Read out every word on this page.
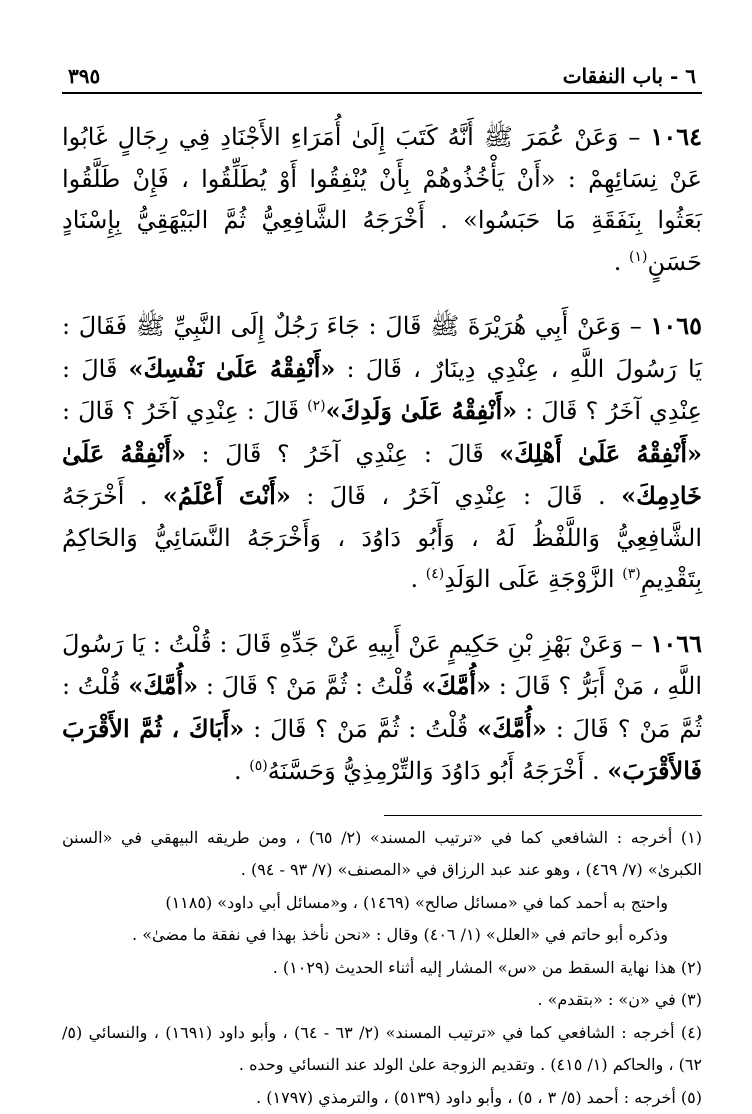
٦ - باب النفقات
٣٩٥

١٠٦٤ – وَعَنْ عُمَرَ ﷺ أَنَّهُ كَتَبَ إِلَىٰ أُمَرَاءِ الأَجْنَادِ فِي رِجَالٍ غَابُوا عَنْ نِسَائِهِمْ : «أَنْ يَأْخُذُوهُمْ بِأَنْ يُنْفِقُوا أَوْ يُطَلِّقُوا ، فَإِنْ طَلَّقُوا بَعَثُوا بِنَفَقَةِ مَا حَبَسُوا» . أَخْرَجَهُ الشَّافِعِيُّ ثُمَّ البَيْهَقِيُّ بِإِسْنَادٍ حَسَنٍ$^{(١)}$ .

١٠٦٥ – وَعَنْ أَبِي هُرَيْرَةَ ﷺ قَالَ : جَاءَ رَجُلٌ إِلَى النَّبِيِّ ﷺ فَقَالَ : يَا رَسُولَ اللَّهِ ، عِنْدِي دِينَارٌ ، قَالَ : «أَنْفِقْهُ عَلَىٰ نَفْسِكَ» قَالَ : عِنْدِي آخَرُ ؟ قَالَ : «أَنْفِقْهُ عَلَىٰ وَلَدِكَ»$^{(٢)}$ قَالَ : عِنْدِي آخَرُ ؟ قَالَ : «أَنْفِقْهُ عَلَىٰ أَهْلِكَ» قَالَ : عِنْدِي آخَرُ ؟ قَالَ : «أَنْفِقْهُ عَلَىٰ خَادِمِكَ» . قَالَ : عِنْدِي آخَرُ ، قَالَ : «أَنْتَ أَعْلَمُ» . أَخْرَجَهُ الشَّافِعِيُّ وَاللَّفْظُ لَهُ ، وَأَبُو دَاوُدَ ، وَأَخْرَجَهُ النَّسَائِيُّ وَالحَاكِمُ بِتَقْدِيمِ$^{(٣)}$ الزَّوْجَةِ عَلَى الوَلَدِ$^{(٤)}$ .

١٠٦٦ – وَعَنْ بَهْزِ بْنِ حَكِيمٍ عَنْ أَبِيهِ عَنْ جَدِّهِ قَالَ : قُلْتُ : يَا رَسُولَ اللَّهِ ، مَنْ أَبَرُّ ؟ قَالَ : «أُمَّكَ» قُلْتُ : ثُمَّ مَنْ ؟ قَالَ : «أُمَّكَ» قُلْتُ : ثُمَّ مَنْ ؟ قَالَ : «أُمَّكَ» قُلْتُ : ثُمَّ مَنْ ؟ قَالَ : «أَبَاكَ ، ثُمَّ الأَقْرَبَ فَالأَقْرَبَ» . أَخْرَجَهُ أَبُو دَاوُدَ وَالتِّرْمِذِيُّ وَحَسَّنَهُ$^{(٥)}$ .

(١) أخرجه : الشافعي كما في «ترتيب المسند» (٢/ ٦٥) ، ومن طريقه البيهقي في «السنن الكبرىٰ» (٧/ ٤٦٩) ، وهو عند عبد الرزاق في «المصنف» (٧/ ٩٣ - ٩٤) .

واحتج به أحمد كما في «مسائل صالح» (١٤٦٩) ، و«مسائل أبي داود» (١١٨٥)

وذكره أبو حاتم في «العلل» (١/ ٤٠٦) وقال : «نحن نأخذ بهذا في نفقة ما مضىٰ» .

(٢) هذا نهاية السقط من «س» المشار إليه أثناء الحديث (١٠٢٩) .

(٣) في «ن» : «بتقدم» .

(٤) أخرجه : الشافعي كما في «ترتيب المسند» (٢/ ٦٣ - ٦٤) ، وأبو داود (١٦٩١) ، والنسائي (٥/ ٦٢) ، والحاكم (١/ ٤١٥) . وتقديم الزوجة علىٰ الولد عند النسائي وحده .

(٥) أخرجه : أحمد (٥/ ٣ ، ٥) ، وأبو داود (٥١٣٩) ، والترمذي (١٧٩٧) .
